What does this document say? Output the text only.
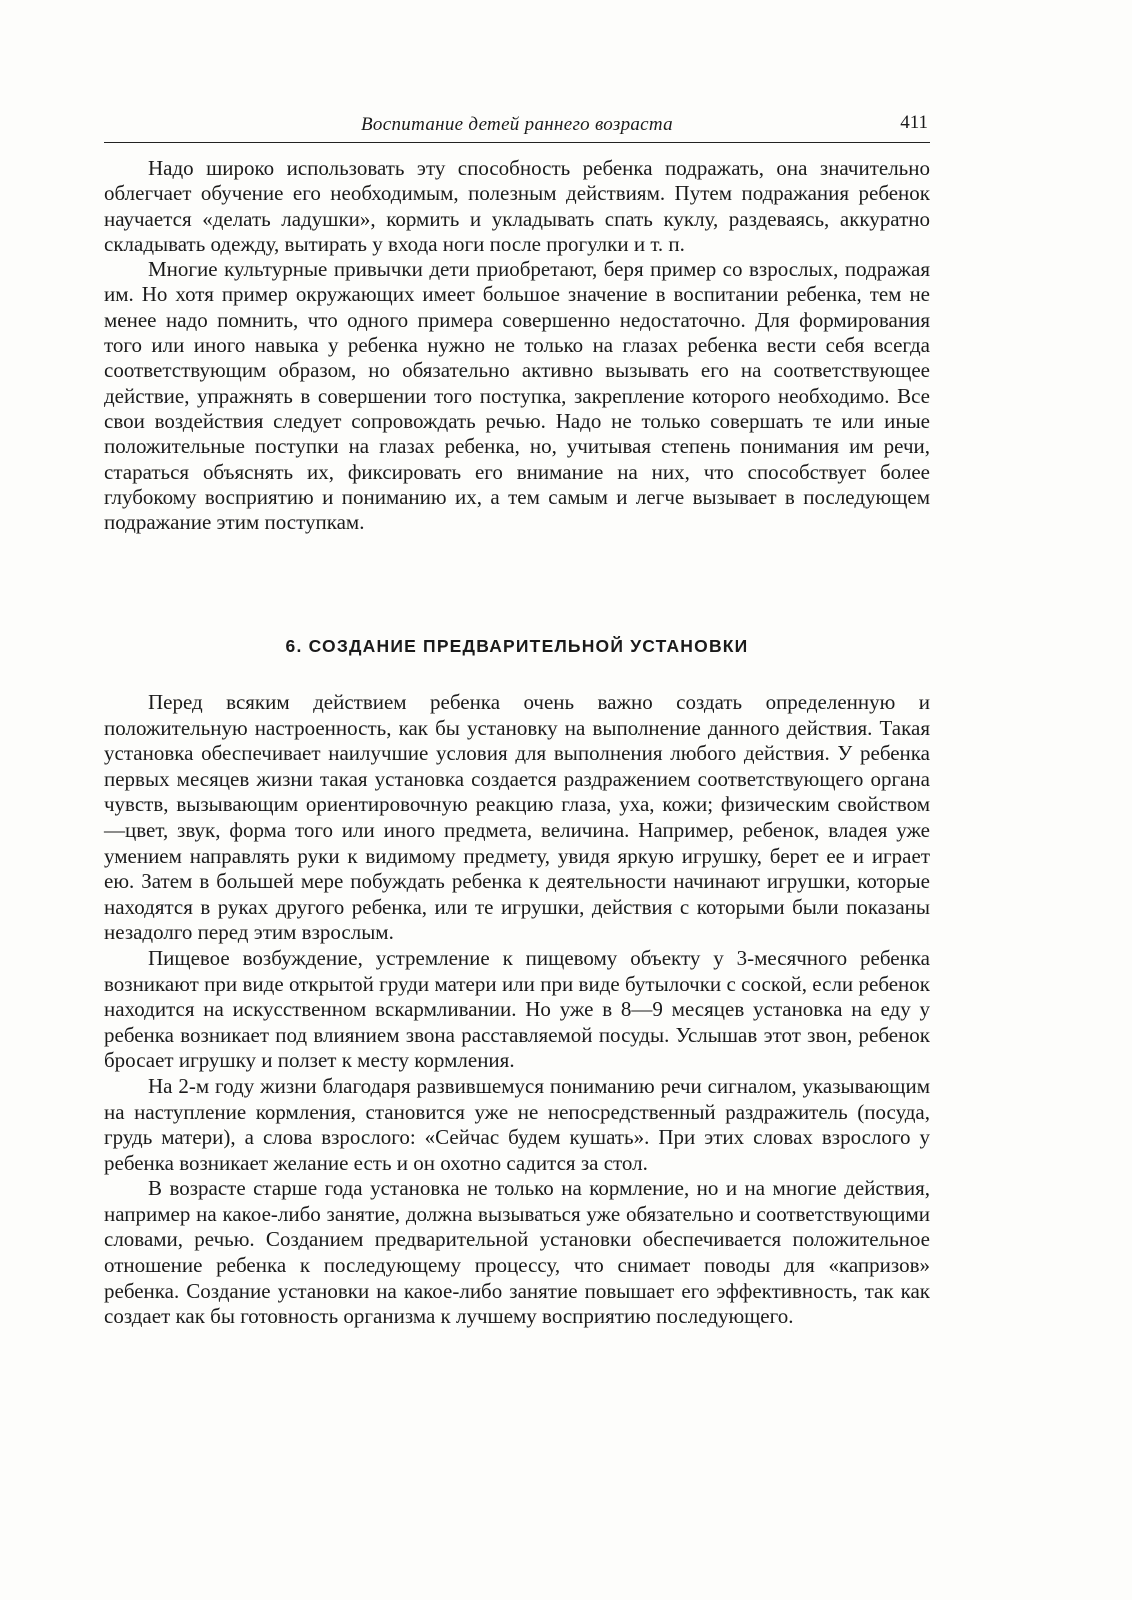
Воспитание детей раннего возраста	411

Надо широко использовать эту способность ребенка подражать, она значительно облегчает обучение его необходимым, полезным действиям. Путем подражания ребенок научается «делать ладушки», кормить и укладывать спать куклу, раздеваясь, аккуратно складывать одежду, вытирать у входа ноги после прогулки и т. п.

Многие культурные привычки дети приобретают, беря пример со взрослых, подражая им. Но хотя пример окружающих имеет большое значение в воспитании ребенка, тем не менее надо помнить, что одного примера совершенно недостаточно. Для формирования того или иного навыка у ребенка нужно не только на глазах ребенка вести себя всегда соответствующим образом, но обязательно активно вызывать его на соответствующее действие, упражнять в совершении того поступка, закрепление которого необходимо. Все свои воздействия следует сопровождать речью. Надо не только совершать те или иные положительные поступки на глазах ребенка, но, учитывая степень понимания им речи, стараться объяснять их, фиксировать его внимание на них, что способствует более глубокому восприятию и пониманию их, а тем самым и легче вызывает в последующем подражание этим поступкам.

6. СОЗДАНИЕ ПРЕДВАРИТЕЛЬНОЙ УСТАНОВКИ

Перед всяким действием ребенка очень важно создать определенную и положительную настроенность, как бы установку на выполнение данного действия. Такая установка обеспечивает наилучшие условия для выполнения любого действия. У ребенка первых месяцев жизни такая установка создается раздражением соответствующего органа чувств, вызывающим ориентировочную реакцию глаза, уха, кожи; физическим свойством—цвет, звук, форма того или иного предмета, величина. Например, ребенок, владея уже умением направлять руки к видимому предмету, увидя яркую игрушку, берет ее и играет ею. Затем в большей мере побуждать ребенка к деятельности начинают игрушки, которые находятся в руках другого ребенка, или те игрушки, действия с которыми были показаны незадолго перед этим взрослым.

Пищевое возбуждение, устремление к пищевому объекту у 3-месячного ребенка возникают при виде открытой груди матери или при виде бутылочки с соской, если ребенок находится на искусственном вскармливании. Но уже в 8—9 месяцев установка на еду у ребенка возникает под влиянием звона расставляемой посуды. Услышав этот звон, ребенок бросает игрушку и ползет к месту кормления.

На 2-м году жизни благодаря развившемуся пониманию речи сигналом, указывающим на наступление кормления, становится уже не непосредственный раздражитель (посуда, грудь матери), а слова взрослого: «Сейчас будем кушать». При этих словах взрослого у ребенка возникает желание есть и он охотно садится за стол.

В возрасте старше года установка не только на кормление, но и на многие действия, например на какое-либо занятие, должна вызываться уже обязательно и соответствующими словами, речью. Созданием предварительной установки обеспечивается положительное отношение ребенка к последующему процессу, что снимает поводы для «капризов» ребенка. Создание установки на какое-либо занятие повышает его эффективность, так как создает как бы готовность организма к лучшему восприятию последующего.
